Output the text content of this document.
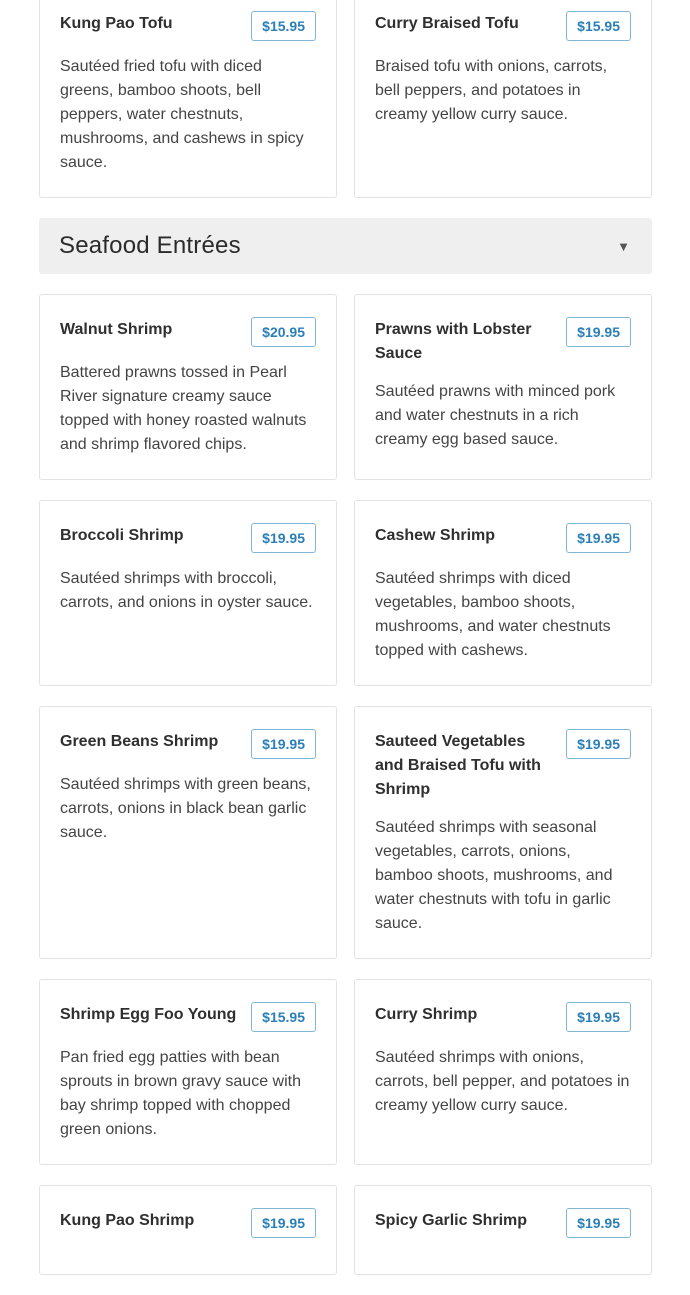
Kung Pao Tofu	$15.95

Sautéed fried tofu with diced greens, bamboo shoots, bell peppers, water chestnuts, mushrooms, and cashews in spicy sauce.

Curry Braised Tofu	$15.95

Braised tofu with onions, carrots, bell peppers, and potatoes in creamy yellow curry sauce.

Seafood Entrées	▼
Walnut Shrimp	$20.95

Battered prawns tossed in Pearl River signature creamy sauce topped with honey roasted walnuts and shrimp flavored chips.

Prawns with Lobster Sauce
$19.95

Sautéed prawns with minced pork and water chestnuts in a rich creamy egg based sauce.

Broccoli Shrimp	$19.95

Sautéed shrimps with broccoli, carrots, and onions in oyster sauce.

Cashew Shrimp	$19.95

Sautéed shrimps with diced vegetables, bamboo shoots, mushrooms, and water chestnuts topped with cashews.

Green Beans Shrimp	$19.95

Sautéed shrimps with green beans, carrots, onions in black bean garlic sauce.

Sauteed Vegetables and Braised Tofu with Shrimp
$19.95

Sautéed shrimps with seasonal vegetables, carrots, onions, bamboo shoots, mushrooms, and water chestnuts with tofu in garlic sauce.

Shrimp Egg Foo Young	$15.95

Pan fried egg patties with bean sprouts in brown gravy sauce with bay shrimp topped with chopped green onions.

Curry Shrimp	$19.95

Sautéed shrimps with onions, carrots, bell pepper, and potatoes in creamy yellow curry sauce.

Kung Pao Shrimp	$19.95	Spicy Garlic Shrimp	$19.95
